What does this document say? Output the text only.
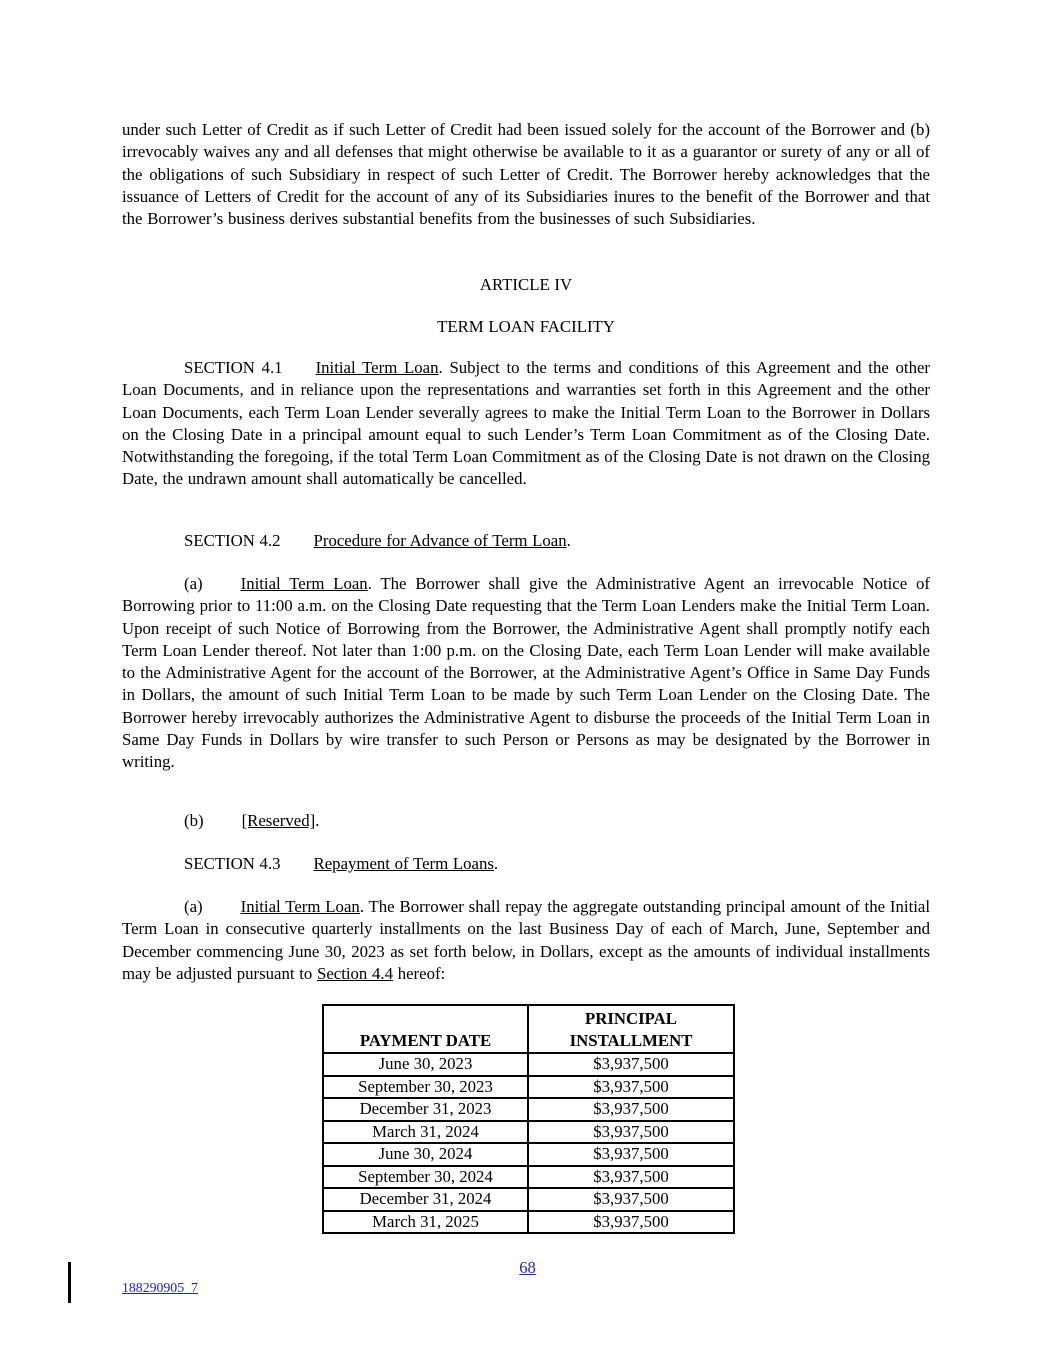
under such Letter of Credit as if such Letter of Credit had been issued solely for the account of the Borrower and (b) irrevocably waives any and all defenses that might otherwise be available to it as a guarantor or surety of any or all of the obligations of such Subsidiary in respect of such Letter of Credit. The Borrower hereby acknowledges that the issuance of Letters of Credit for the account of any of its Subsidiaries inures to the benefit of the Borrower and that the Borrower’s business derives substantial benefits from the businesses of such Subsidiaries.

ARTICLE IV
TERM LOAN FACILITY

SECTION 4.1 Initial Term Loan. Subject to the terms and conditions of this Agreement and the other Loan Documents, and in reliance upon the representations and warranties set forth in this Agreement and the other Loan Documents, each Term Loan Lender severally agrees to make the Initial Term Loan to the Borrower in Dollars on the Closing Date in a principal amount equal to such Lender’s Term Loan Commitment as of the Closing Date. Notwithstanding the foregoing, if the total Term Loan Commitment as of the Closing Date is not drawn on the Closing Date, the undrawn amount shall automatically be cancelled.

SECTION 4.2 Procedure for Advance of Term Loan.

(a) Initial Term Loan. The Borrower shall give the Administrative Agent an irrevocable Notice of Borrowing prior to 11:00 a.m. on the Closing Date requesting that the Term Loan Lenders make the Initial Term Loan. Upon receipt of such Notice of Borrowing from the Borrower, the Administrative Agent shall promptly notify each Term Loan Lender thereof. Not later than 1:00 p.m. on the Closing Date, each Term Loan Lender will make available to the Administrative Agent for the account of the Borrower, at the Administrative Agent’s Office in Same Day Funds in Dollars, the amount of such Initial Term Loan to be made by such Term Loan Lender on the Closing Date. The Borrower hereby irrevocably authorizes the Administrative Agent to disburse the proceeds of the Initial Term Loan in Same Day Funds in Dollars by wire transfer to such Person or Persons as may be designated by the Borrower in writing.

(b) [Reserved].

SECTION 4.3 Repayment of Term Loans.

(a) Initial Term Loan. The Borrower shall repay the aggregate outstanding principal amount of the Initial Term Loan in consecutive quarterly installments on the last Business Day of each of March, June, September and December commencing June 30, 2023 as set forth below, in Dollars, except as the amounts of individual installments may be adjusted pursuant to Section 4.4 hereof:

PAYMENT DATE	PRINCIPAL INSTALLMENT
June 30, 2023	$3,937,500
September 30, 2023	$3,937,500
December 31, 2023	$3,937,500
March 31, 2024	$3,937,500
June 30, 2024	$3,937,500
September 30, 2024	$3,937,500
December 31, 2024	$3,937,500
March 31, 2025	$3,937,500
68
188290905_7
